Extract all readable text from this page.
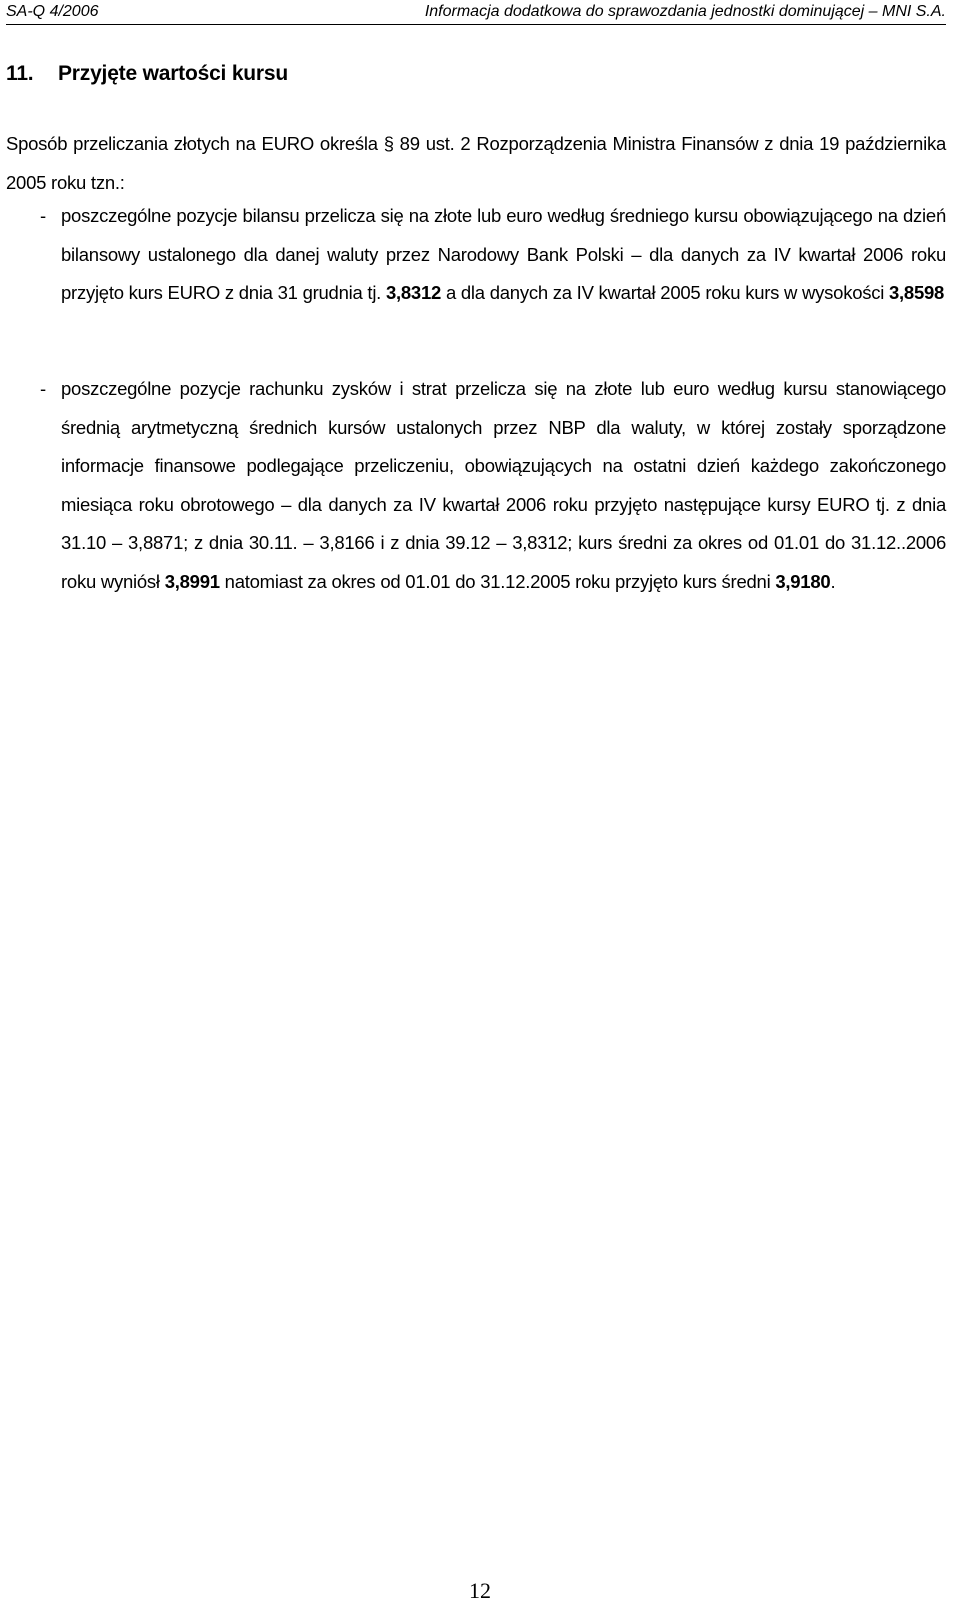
SA-Q 4/2006	Informacja dodatkowa do sprawozdania jednostki dominującej – MNI S.A.
11. Przyjęte wartości kursu
Sposób przeliczania złotych na EURO określa § 89 ust. 2 Rozporządzenia Ministra Finansów z dnia 19 października 2005 roku tzn.:
- poszczególne pozycje bilansu przelicza się na złote lub euro według średniego kursu obowiązującego na dzień bilansowy ustalonego dla danej waluty przez Narodowy Bank Polski – dla danych za IV kwartał 2006 roku przyjęto kurs EURO z dnia 31 grudnia tj. 3,8312 a dla danych za IV kwartał 2005 roku kurs w wysokości 3,8598
- poszczególne pozycje rachunku zysków i strat przelicza się na złote lub euro według kursu stanowiącego średnią arytmetyczną średnich kursów ustalonych przez NBP dla waluty, w której zostały sporządzone informacje finansowe podlegające przeliczeniu, obowiązujących na ostatni dzień każdego zakończonego miesiąca roku obrotowego – dla danych za IV kwartał 2006 roku przyjęto następujące kursy EURO tj. z dnia 31.10 – 3,8871; z dnia 30.11. – 3,8166 i z dnia 39.12 – 3,8312; kurs średni za okres od 01.01 do 31.12..2006 roku wyniósł 3,8991 natomiast za okres od 01.01 do 31.12.2005 roku przyjęto kurs średni 3,9180.
12
